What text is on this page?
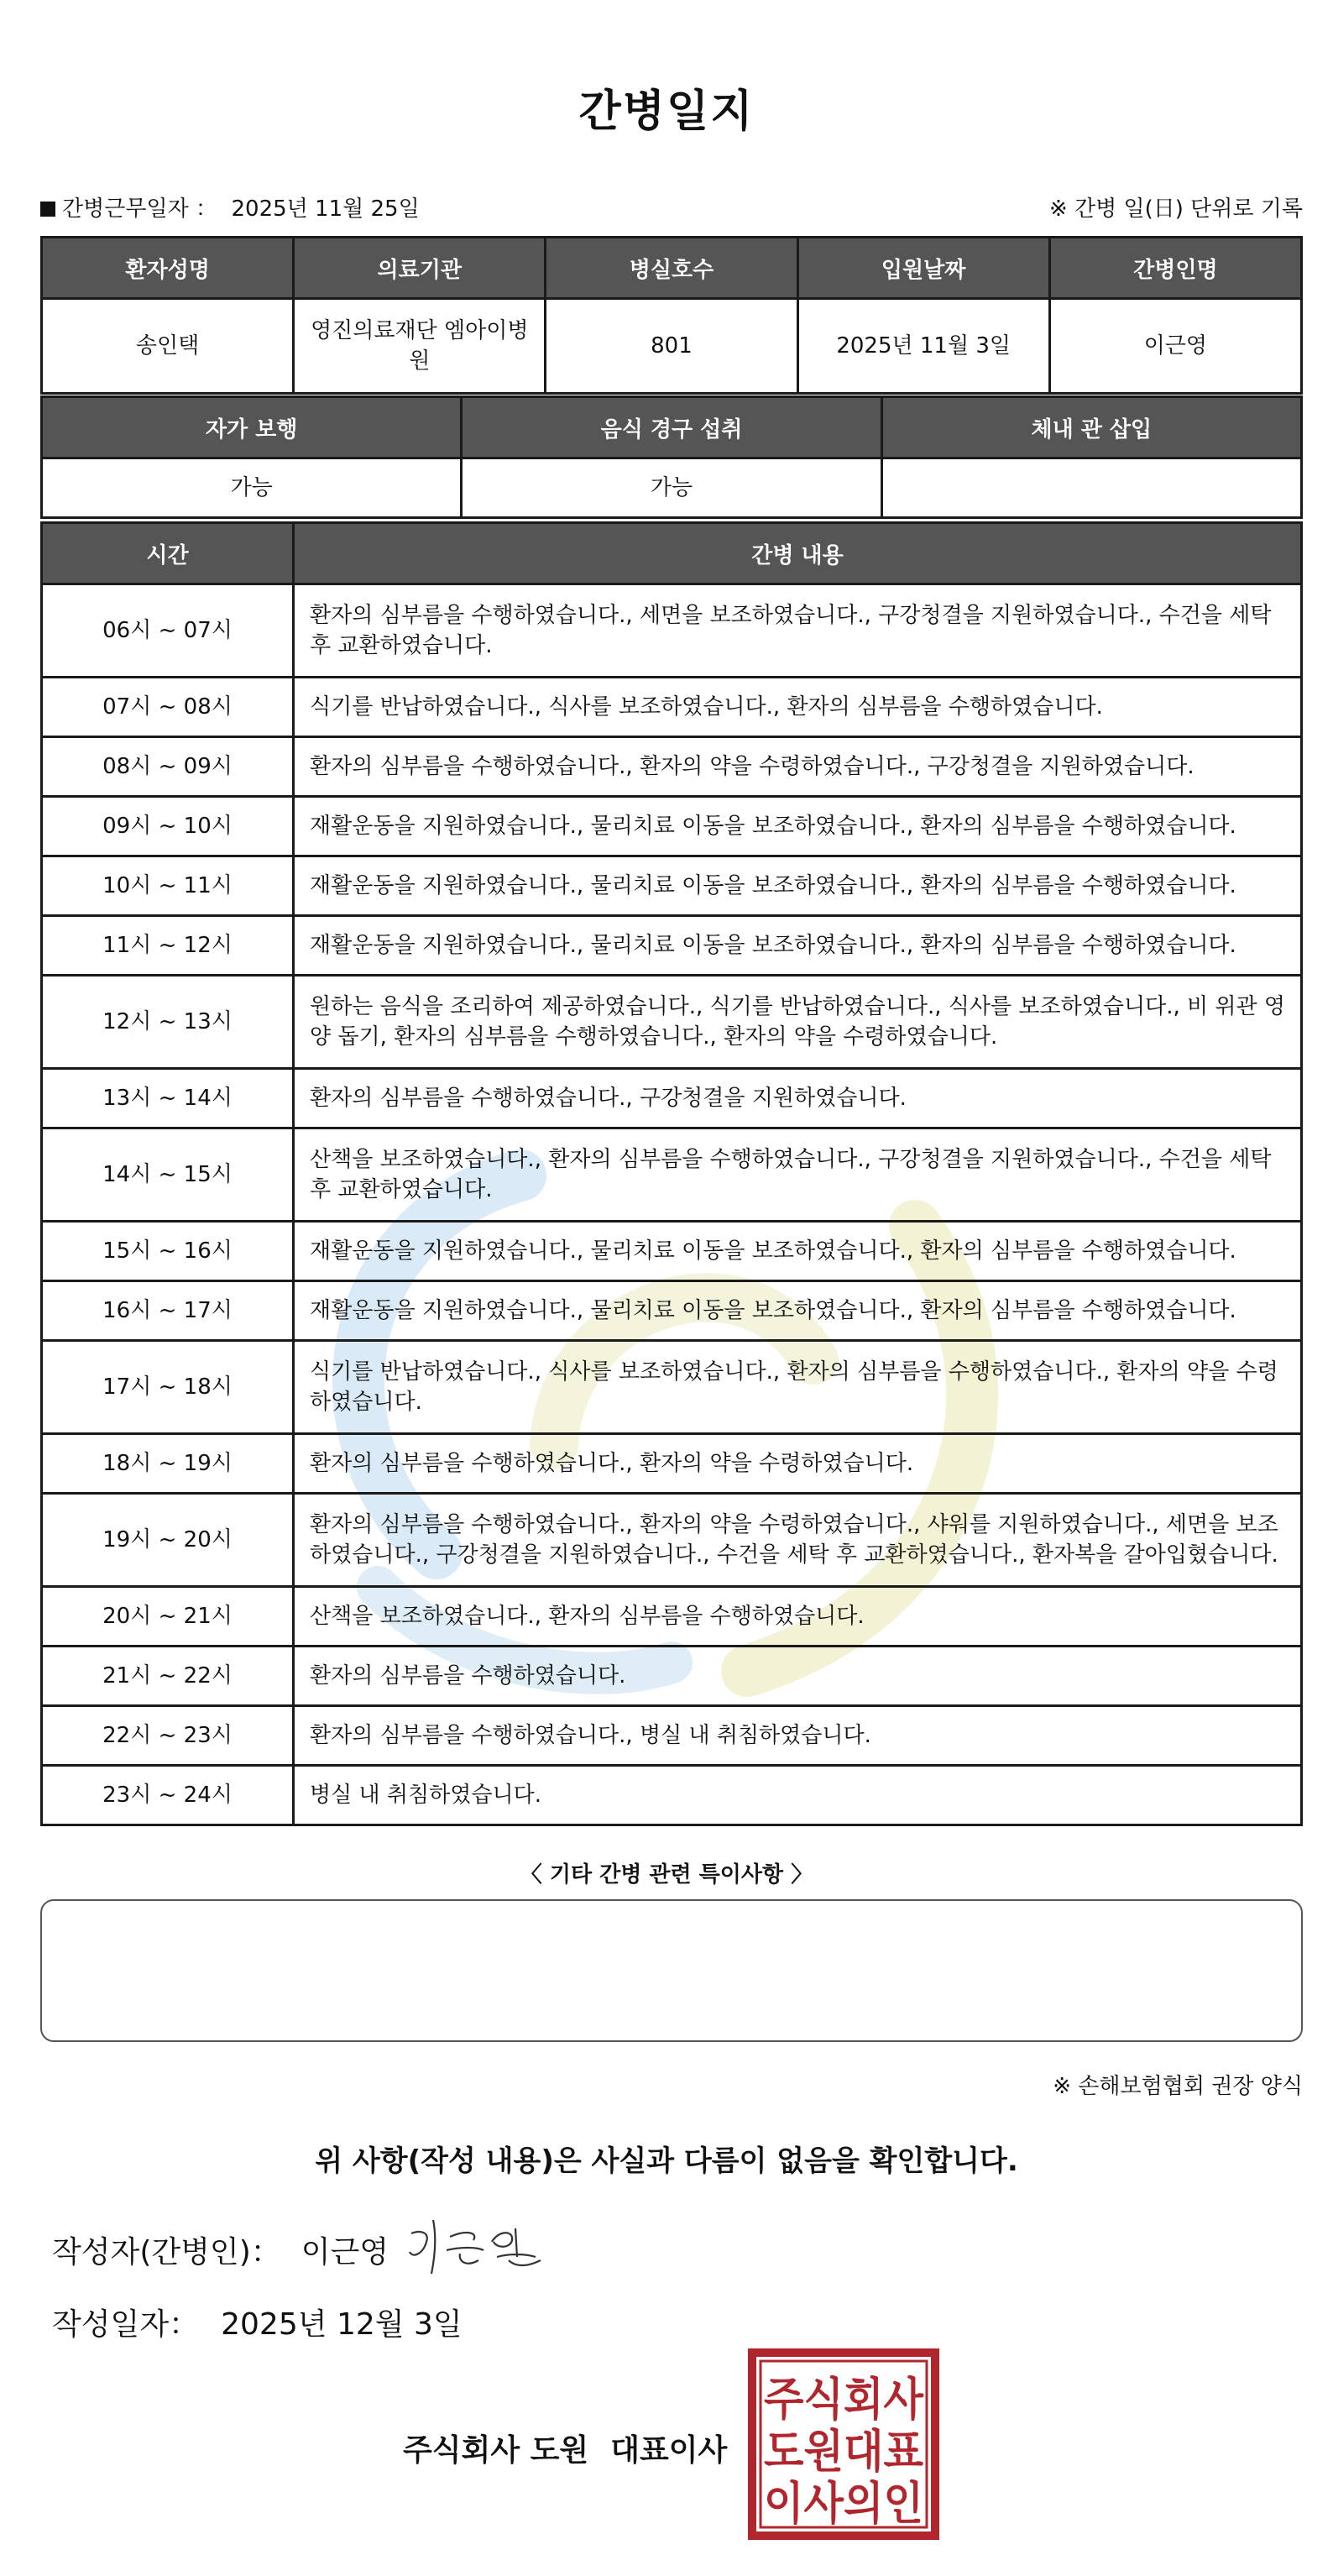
간병일지
간병근무일자 ： 2025년 11월 25일	※ 간병 일(日) 단위로 기록
환자성명	의료기관	병실호수	입원날짜	간병인명
송인택	영진의료재단 엠아이병원	801	2025년 11월 3일	이근영
자가 보행	음식 경구 섭취	체내 관 삽입
가능	가능	
시간	간병 내용
06시 ~ 07시	환자의 심부름을 수행하였습니다., 세면을 보조하였습니다., 구강청결을 지원하였습니다., 수건을 세탁 후 교환하였습니다.
07시 ~ 08시	식기를 반납하였습니다., 식사를 보조하였습니다., 환자의 심부름을 수행하였습니다.
08시 ~ 09시	환자의 심부름을 수행하였습니다., 환자의 약을 수령하였습니다., 구강청결을 지원하였습니다.
09시 ~ 10시	재활운동을 지원하였습니다., 물리치료 이동을 보조하였습니다., 환자의 심부름을 수행하였습니다.
10시 ~ 11시	재활운동을 지원하였습니다., 물리치료 이동을 보조하였습니다., 환자의 심부름을 수행하였습니다.
11시 ~ 12시	재활운동을 지원하였습니다., 물리치료 이동을 보조하였습니다., 환자의 심부름을 수행하였습니다.
12시 ~ 13시	원하는 음식을 조리하여 제공하였습니다., 식기를 반납하였습니다., 식사를 보조하였습니다., 비 위관 영양 돕기, 환자의 심부름을 수행하였습니다., 환자의 약을 수령하였습니다.
13시 ~ 14시	환자의 심부름을 수행하였습니다., 구강청결을 지원하였습니다.
14시 ~ 15시	산책을 보조하였습니다., 환자의 심부름을 수행하였습니다., 구강청결을 지원하였습니다., 수건을 세탁 후 교환하였습니다.
15시 ~ 16시	재활운동을 지원하였습니다., 물리치료 이동을 보조하였습니다., 환자의 심부름을 수행하였습니다.
16시 ~ 17시	재활운동을 지원하였습니다., 물리치료 이동을 보조하였습니다., 환자의 심부름을 수행하였습니다.
17시 ~ 18시	식기를 반납하였습니다., 식사를 보조하였습니다., 환자의 심부름을 수행하였습니다., 환자의 약을 수령하였습니다.
18시 ~ 19시	환자의 심부름을 수행하였습니다., 환자의 약을 수령하였습니다.
19시 ~ 20시	환자의 심부름을 수행하였습니다., 환자의 약을 수령하였습니다., 샤워를 지원하였습니다., 세면을 보조하였습니다., 구강청결을 지원하였습니다., 수건을 세탁 후 교환하였습니다., 환자복을 갈아입혔습니다.
20시 ~ 21시	산책을 보조하였습니다., 환자의 심부름을 수행하였습니다.
21시 ~ 22시	환자의 심부름을 수행하였습니다.
22시 ~ 23시	환자의 심부름을 수행하였습니다., 병실 내 취침하였습니다.
23시 ~ 24시	병실 내 취침하였습니다.
〈 기타 간병 관련 특이사항 〉
※ 손해보험협회 권장 양식
위 사항(작성 내용)은 사실과 다름이 없음을 확인합니다.
작성자(간병인)： 이근영
작성일자： 2025년 12월 3일
주식회사 도원 대표이사
주식회사
도원대표
이사의인
